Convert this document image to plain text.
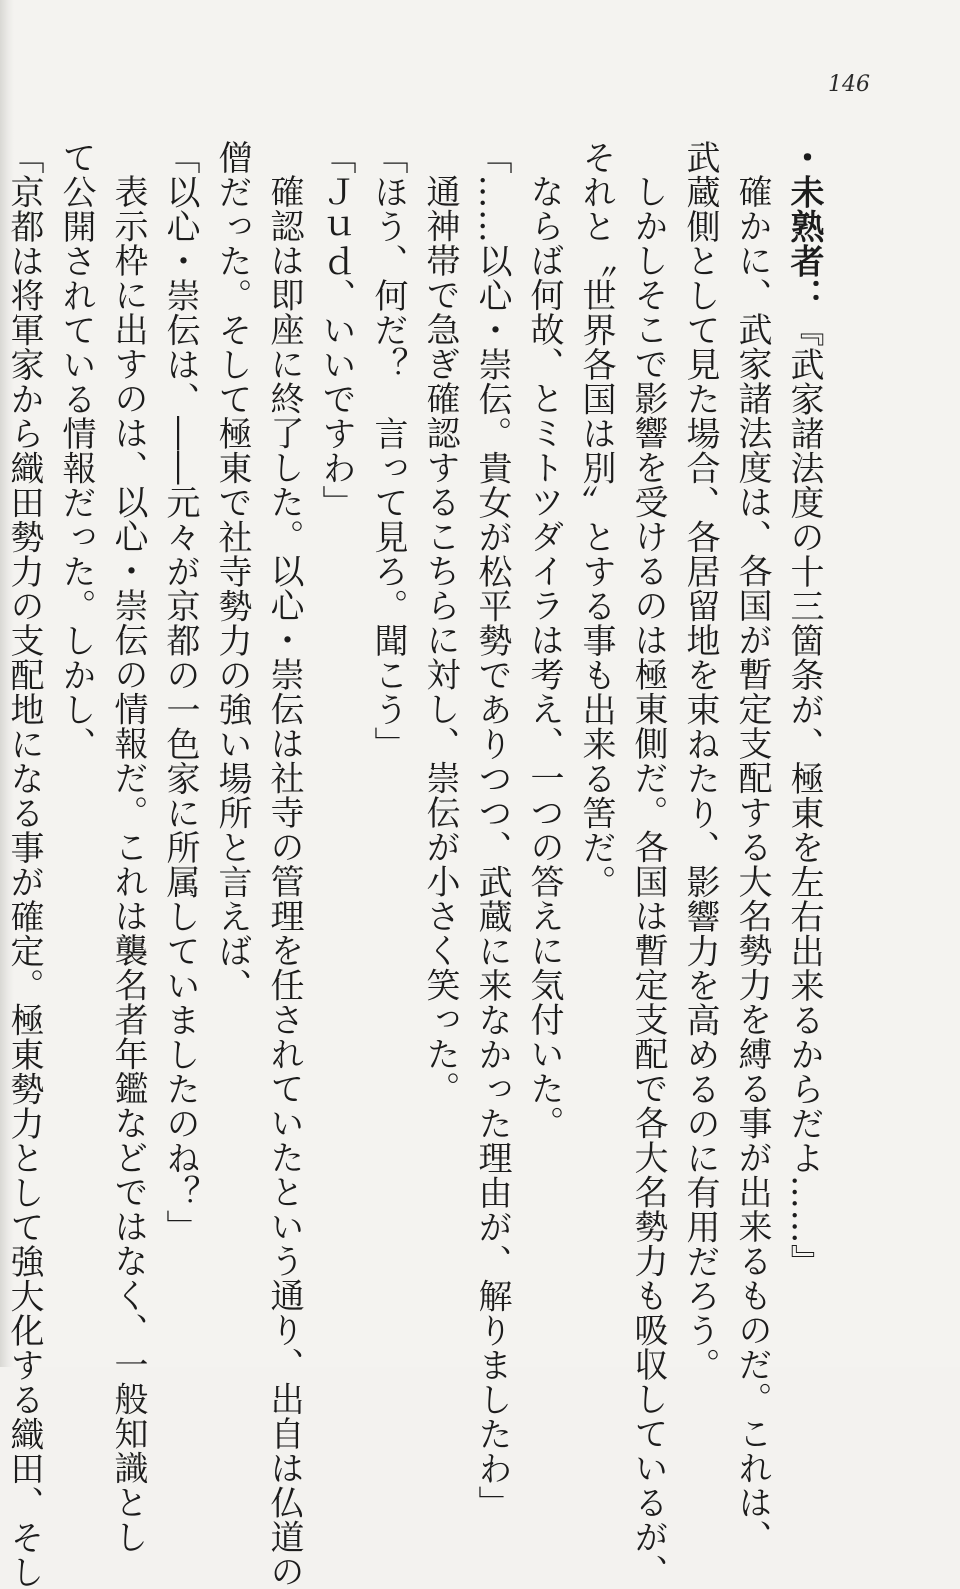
146
・未熟者：『武家諸法度の十三箇条が、極東を左右出来るからだよ……』
確かに、武家諸法度は、各国が暫定支配する大名勢力を縛る事が出来るものだ。これは、
武蔵側として見た場合、各居留地を束ねたり、影響力を高めるのに有用だろう。
しかしそこで影響を受けるのは極東側だ。各国は暫定支配で各大名勢力も吸収しているが、
それと〝世界各国は別〟とする事も出来る筈だ。
ならば何故、とミトツダイラは考え、一つの答えに気付いた。
「……以心・崇伝。貴女が松平勢でありつつ、武蔵に来なかった理由が、解りましたわ」
通神帯で急ぎ確認するこちらに対し、崇伝が小さく笑った。
「ほう、何だ？　言って見ろ。聞こう」
「Ｊｕｄ、いいですわ」
確認は即座に終了した。以心・崇伝は社寺の管理を任されていたという通り、出自は仏道の
僧だった。そして極東で社寺勢力の強い場所と言えば、
「以心・崇伝は、――元々が京都の一色家に所属していましたのね？」
表示枠に出すのは、以心・崇伝の情報だ。これは襲名者年鑑などではなく、一般知識とし
て公開されている情報だった。しかし、
「京都は将軍家から織田勢力の支配地になる事が確定。極東勢力として強大化する織田、そし
